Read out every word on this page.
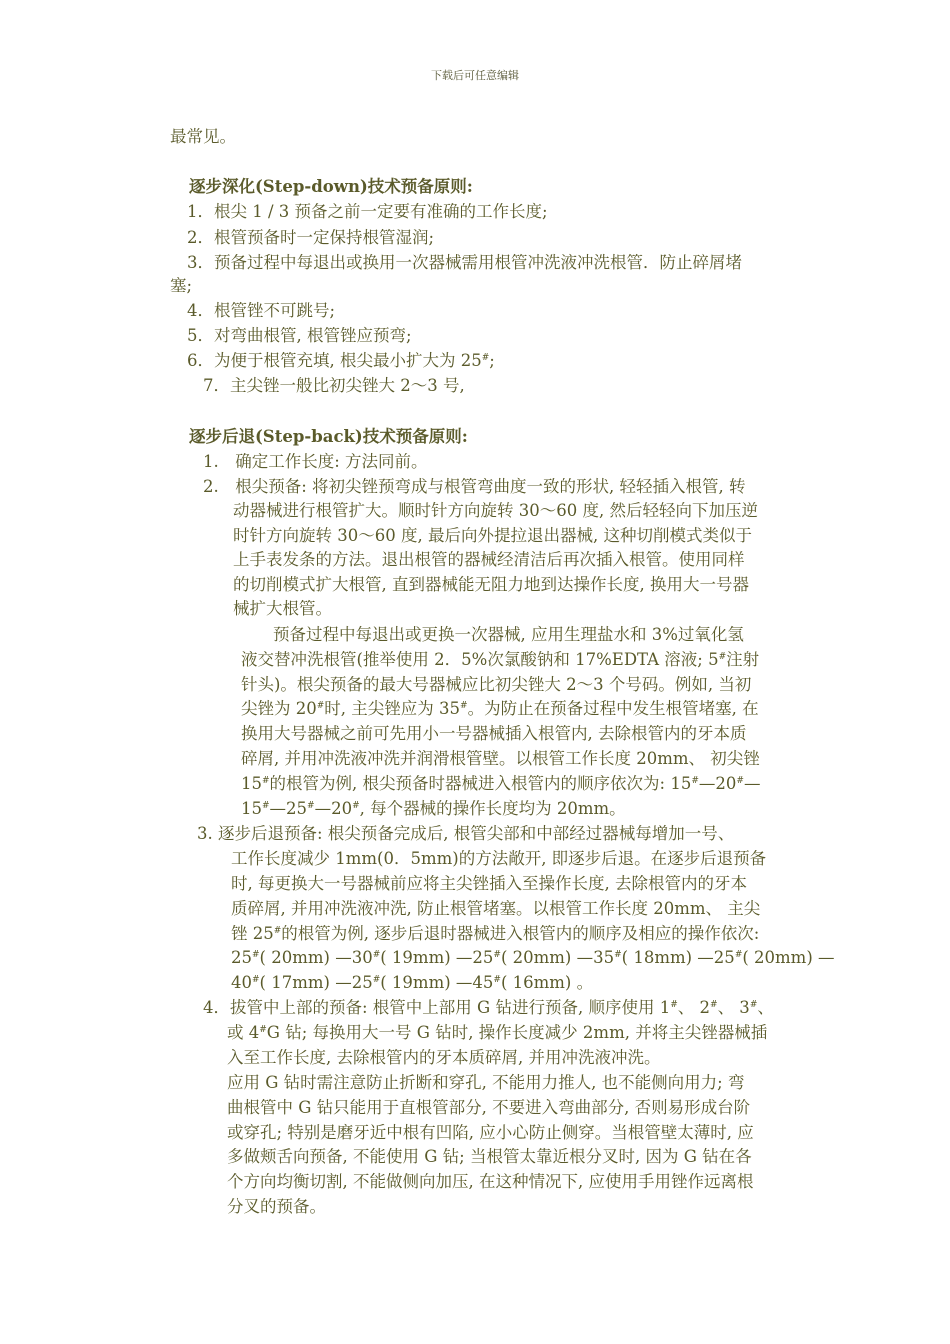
下载后可任意编辑
最常见。
逐步深化(Step-down)技术预备原则:
1．根尖 1 / 3 预备之前一定要有准确的工作长度;
2．根管预备时一定保持根管湿润;
3．预备过程中每退出或换用一次器械需用根管冲洗液冲洗根管．防止碎屑堵
塞;
4．根管锉不可跳号;
5．对弯曲根管, 根管锉应预弯;
6．为便于根管充填, 根尖最小扩大为 25#;
7．主尖锉一般比初尖锉大 2～3 号,
逐步后退(Step-back)技术预备原则:
1.　确定工作长度: 方法同前。
2.　根尖预备: 将初尖锉预弯成与根管弯曲度一致的形状, 轻轻插入根管, 转
动器械进行根管扩大。顺时针方向旋转 30～60 度, 然后轻轻向下加压逆
时针方向旋转 30～60 度, 最后向外提拉退出器械, 这种切削模式类似于
上手表发条的方法。退出根管的器械经清洁后再次插入根管。使用同样
的切削模式扩大根管, 直到器械能无阻力地到达操作长度, 换用大一号器
械扩大根管。
预备过程中每退出或更换一次器械, 应用生理盐水和 3%过氧化氢
液交替冲洗根管(推举使用 2．5%次氯酸钠和 17%EDTA 溶液; 5#注射
针头)。根尖预备的最大号器械应比初尖锉大 2～3 个号码。例如, 当初
尖锉为 20#时, 主尖锉应为 35#。为防止在预备过程中发生根管堵塞, 在
换用大号器械之前可先用小一号器械插入根管内, 去除根管内的牙本质
碎屑, 并用冲洗液冲洗并润滑根管壁。以根管工作长度 20mm、 初尖锉
15#的根管为例, 根尖预备时器械进入根管内的顺序依次为: 15#—20#—
15#—25#—20#, 每个器械的操作长度均为 20mm。
3. 逐步后退预备: 根尖预备完成后, 根管尖部和中部经过器械每增加一号、
工作长度减少 1mm(0．5mm)的方法敞开, 即逐步后退。在逐步后退预备
时, 每更换大一号器械前应将主尖锉插入至操作长度, 去除根管内的牙本
质碎屑, 并用冲洗液冲洗, 防止根管堵塞。以根管工作长度 20mm、 主尖
锉 25#的根管为例, 逐步后退时器械进入根管内的顺序及相应的操作依次:
25#( 20mm) —30#( 19mm) —25#( 20mm) —35#( 18mm) —25#( 20mm) —
40#( 17mm) —25#( 19mm) —45#( 16mm) 。
4．拔管中上部的预备: 根管中上部用 G 钻进行预备, 顺序使用 1#、 2#、 3#、
或 4#G 钻; 每换用大一号 G 钻时, 操作长度减少 2mm, 并将主尖锉器械插
入至工作长度, 去除根管内的牙本质碎屑, 并用冲洗液冲洗。
应用 G 钻时需注意防止折断和穿孔, 不能用力推人, 也不能侧向用力; 弯
曲根管中 G 钻只能用于直根管部分, 不要进入弯曲部分, 否则易形成台阶
或穿孔; 特别是磨牙近中根有凹陷, 应小心防止侧穿。当根管壁太薄时, 应
多做颊舌向预备, 不能使用 G 钻; 当根管太靠近根分叉时, 因为 G 钻在各
个方向均衡切割, 不能做侧向加压, 在这种情况下, 应使用手用锉作远离根
分叉的预备。
